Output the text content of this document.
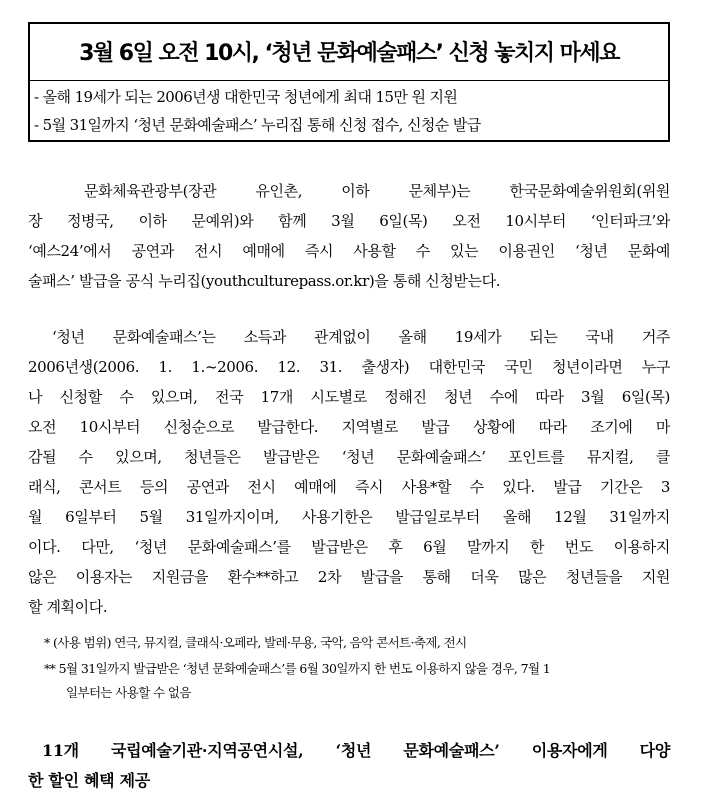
3월 6일 오전 10시, ‘청년 문화예술패스’ 신청 놓치지 마세요
- 올해 19세가 되는 2006년생 대한민국 청년에게 최대 15만 원 지원
- 5월 31일까지 ‘청년 문화예술패스’ 누리집 통해 신청 접수, 신청순 발급
문화체육관광부(장관 유인촌, 이하 문체부)는 한국문화예술위원회(위원
장 정병국, 이하 문예위)와 함께 3월 6일(목) 오전 10시부터 ‘인터파크’와
‘예스24’에서 공연과 전시 예매에 즉시 사용할 수 있는 이용권인 ‘청년 문화예
술패스’ 발급을 공식 누리집(youthculturepass.or.kr)을 통해 신청받는다.
‘청년 문화예술패스’는 소득과 관계없이 올해 19세가 되는 국내 거주
2006년생(2006. 1. 1.~2006. 12. 31. 출생자) 대한민국 국민 청년이라면 누구
나 신청할 수 있으며, 전국 17개 시도별로 정해진 청년 수에 따라 3월 6일(목)
오전 10시부터 신청순으로 발급한다. 지역별로 발급 상황에 따라 조기에 마
감될 수 있으며, 청년들은 발급받은 ‘청년 문화예술패스’ 포인트를 뮤지컬, 클
래식, 콘서트 등의 공연과 전시 예매에 즉시 사용*할 수 있다. 발급 기간은 3
월 6일부터 5월 31일까지이며, 사용기한은 발급일로부터 올해 12월 31일까지
이다. 다만, ‘청년 문화예술패스’를 발급받은 후 6월 말까지 한 번도 이용하지
않은 이용자는 지원금을 환수**하고 2차 발급을 통해 더욱 많은 청년들을 지원
할 계획이다.
* (사용 범위) 연극, 뮤지컬, 클래식·오페라, 발레·무용, 국악, 음악 콘서트·축제, 전시
** 5월 31일까지 발급받은 ‘청년 문화예술패스’를 6월 30일까지 한 번도 이용하지 않을 경우, 7월 1
일부터는 사용할 수 없음
11개 국립예술기관·지역공연시설, ‘청년 문화예술패스’ 이용자에게 다양
한 할인 혜택 제공
